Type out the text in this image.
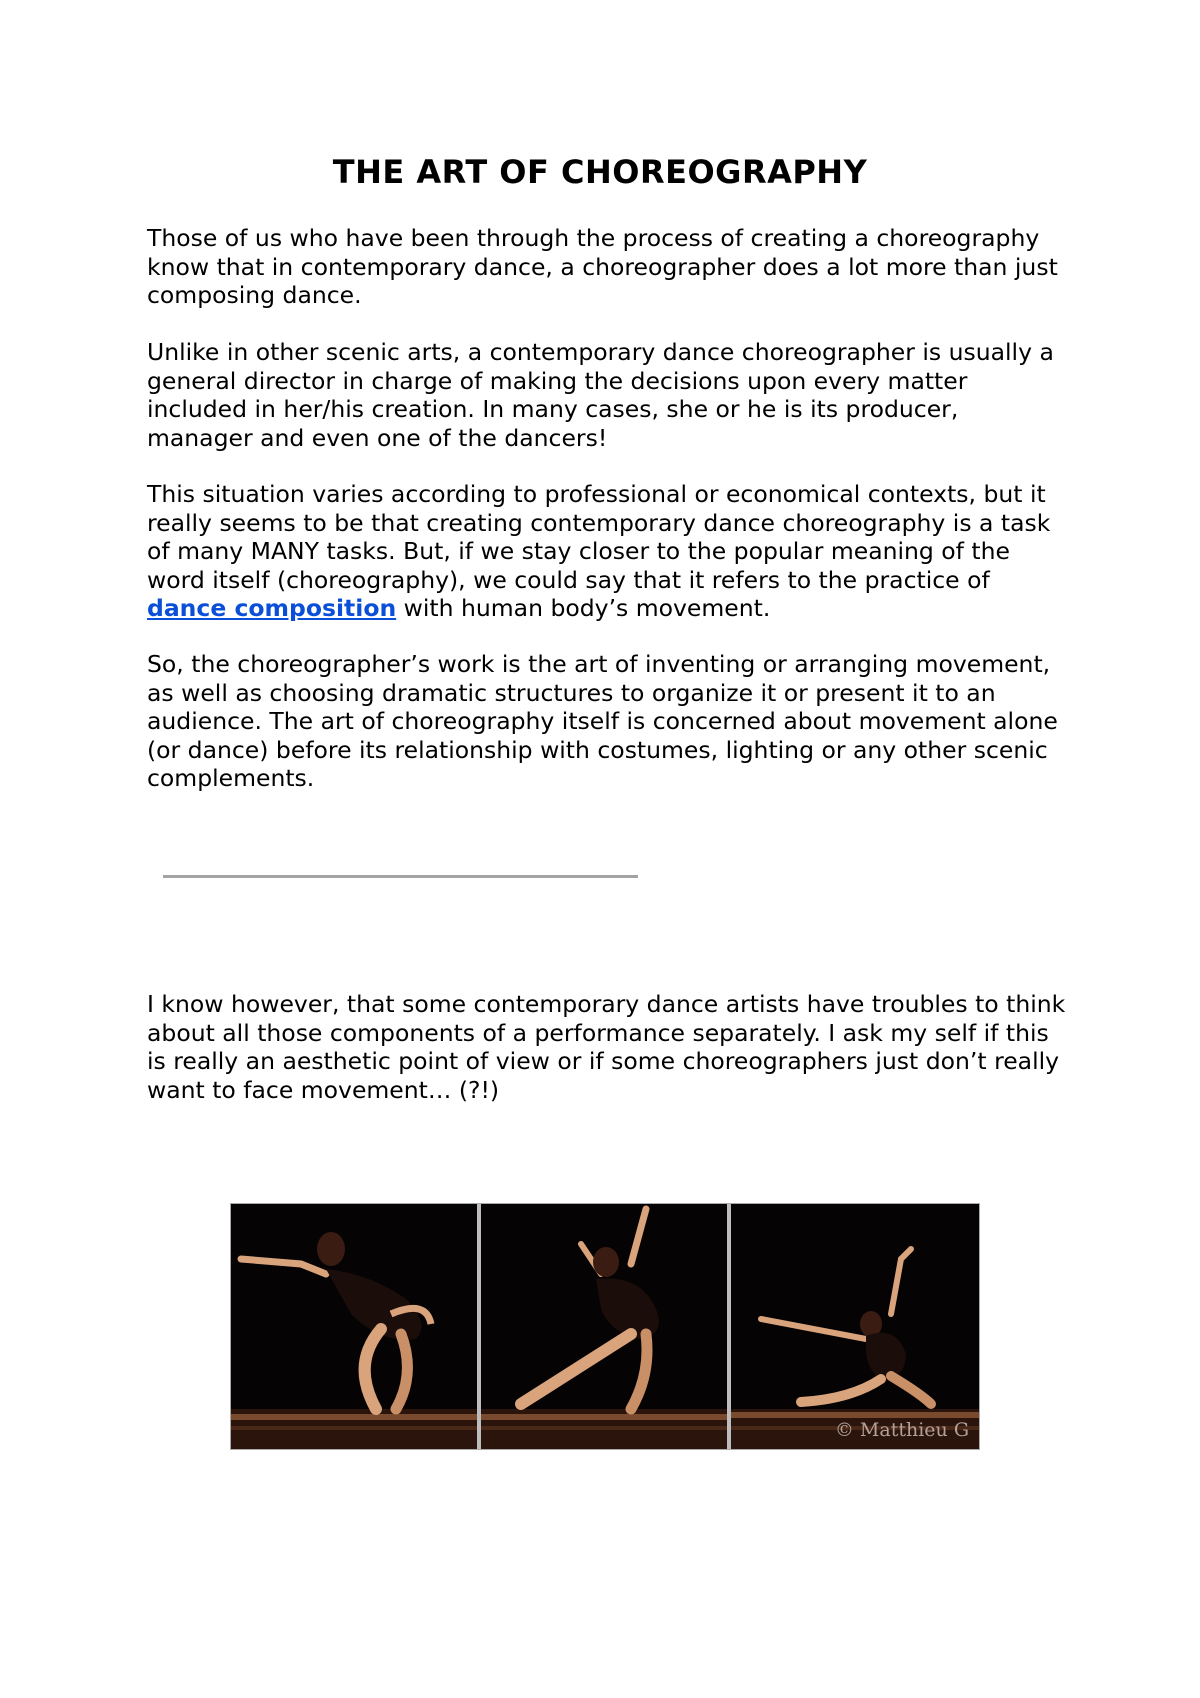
THE ART OF CHOREOGRAPHY

Those of us who have been through the process of creating a choreography know that in contemporary dance, a choreographer does a lot more than just composing dance.

Unlike in other scenic arts, a contemporary dance choreographer is usually a general director in charge of making the decisions upon every matter included in her/his creation. In many cases, she or he is its producer, manager and even one of the dancers!

This situation varies according to professional or economical contexts, but it really seems to be that creating contemporary dance choreography is a task of many MANY tasks. But, if we stay closer to the popular meaning of the word itself (choreography), we could say that it refers to the practice of dance composition with human body’s movement.

So, the choreographer’s work is the art of inventing or arranging movement, as well as choosing dramatic structures to organize it or present it to an audience. The art of choreography itself is concerned about movement alone (or dance) before its relationship with costumes, lighting or any other scenic complements.

I know however, that some contemporary dance artists have troubles to think about all those components of a performance separately. I ask my self if this is really an aesthetic point of view or if some choreographers just don’t really want to face movement… (?!)

© Matthieu G
